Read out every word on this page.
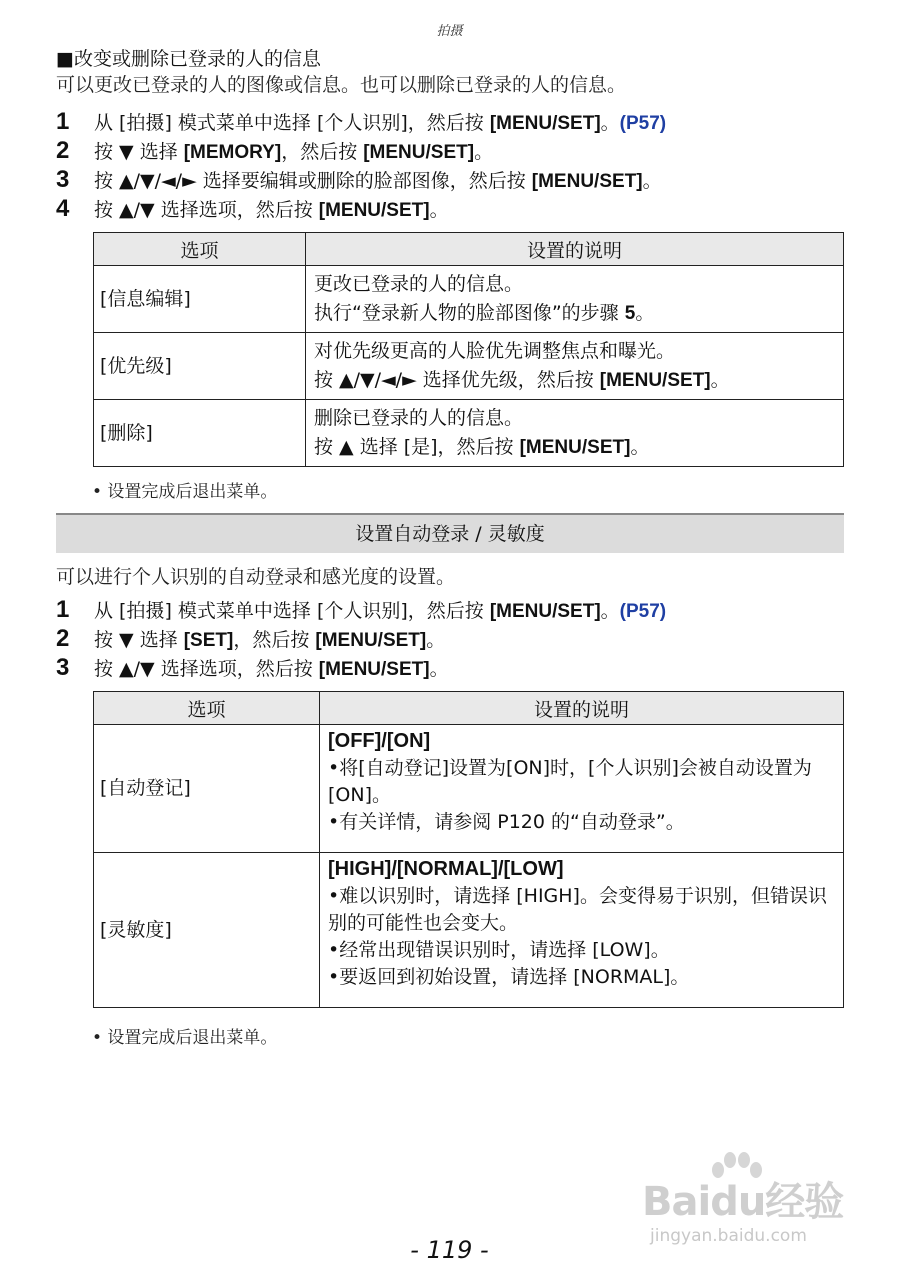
拍摄
■改变或删除已登录的人的信息
可以更改已登录的人的图像或信息。也可以删除已登录的人的信息。
1	从 [拍摄] 模式菜单中选择 [个人识别]，然后按 [MENU/SET]。(P57)
2	按 ▼ 选择 [MEMORY]，然后按 [MENU/SET]。
3	按 ▲/▼/◄/► 选择要编辑或删除的脸部图像，然后按 [MENU/SET]。
4	按 ▲/▼ 选择选项，然后按 [MENU/SET]。
选项	设置的说明
[信息编辑]	更改已登录的人的信息。
执行“登录新人物的脸部图像”的步骤 5。

[优先级]	对优先级更高的人脸优先调整焦点和曝光。
按 ▲/▼/◄/► 选择优先级，然后按 [MENU/SET]。

[删除]	删除已登录的人的信息。
按 ▲ 选择 [是]，然后按 [MENU/SET]。
• 设置完成后退出菜单。
设置自动登录 / 灵敏度
可以进行个人识别的自动登录和感光度的设置。
1	从 [拍摄] 模式菜单中选择 [个人识别]，然后按 [MENU/SET]。(P57)
2	按 ▼ 选择 [SET]，然后按 [MENU/SET]。
3	按 ▲/▼ 选择选项，然后按 [MENU/SET]。
选项	设置的说明
[自动登记]	[OFF]/[ON]
•将[自动登记]设置为[ON]时，[个人识别]会被自动设置为 [ON]。
•有关详情，请参阅 P120 的“自动登录”。

[灵敏度]	[HIGH]/[NORMAL]/[LOW]
•难以识别时，请选择 [HIGH]。会变得易于识别，但错误识别的可能性也会变大。
•经常出现错误识别时，请选择 [LOW]。
•要返回到初始设置，请选择 [NORMAL]。
• 设置完成后退出菜单。
Baidu经验
jingyan.baidu.com
- 119 -
